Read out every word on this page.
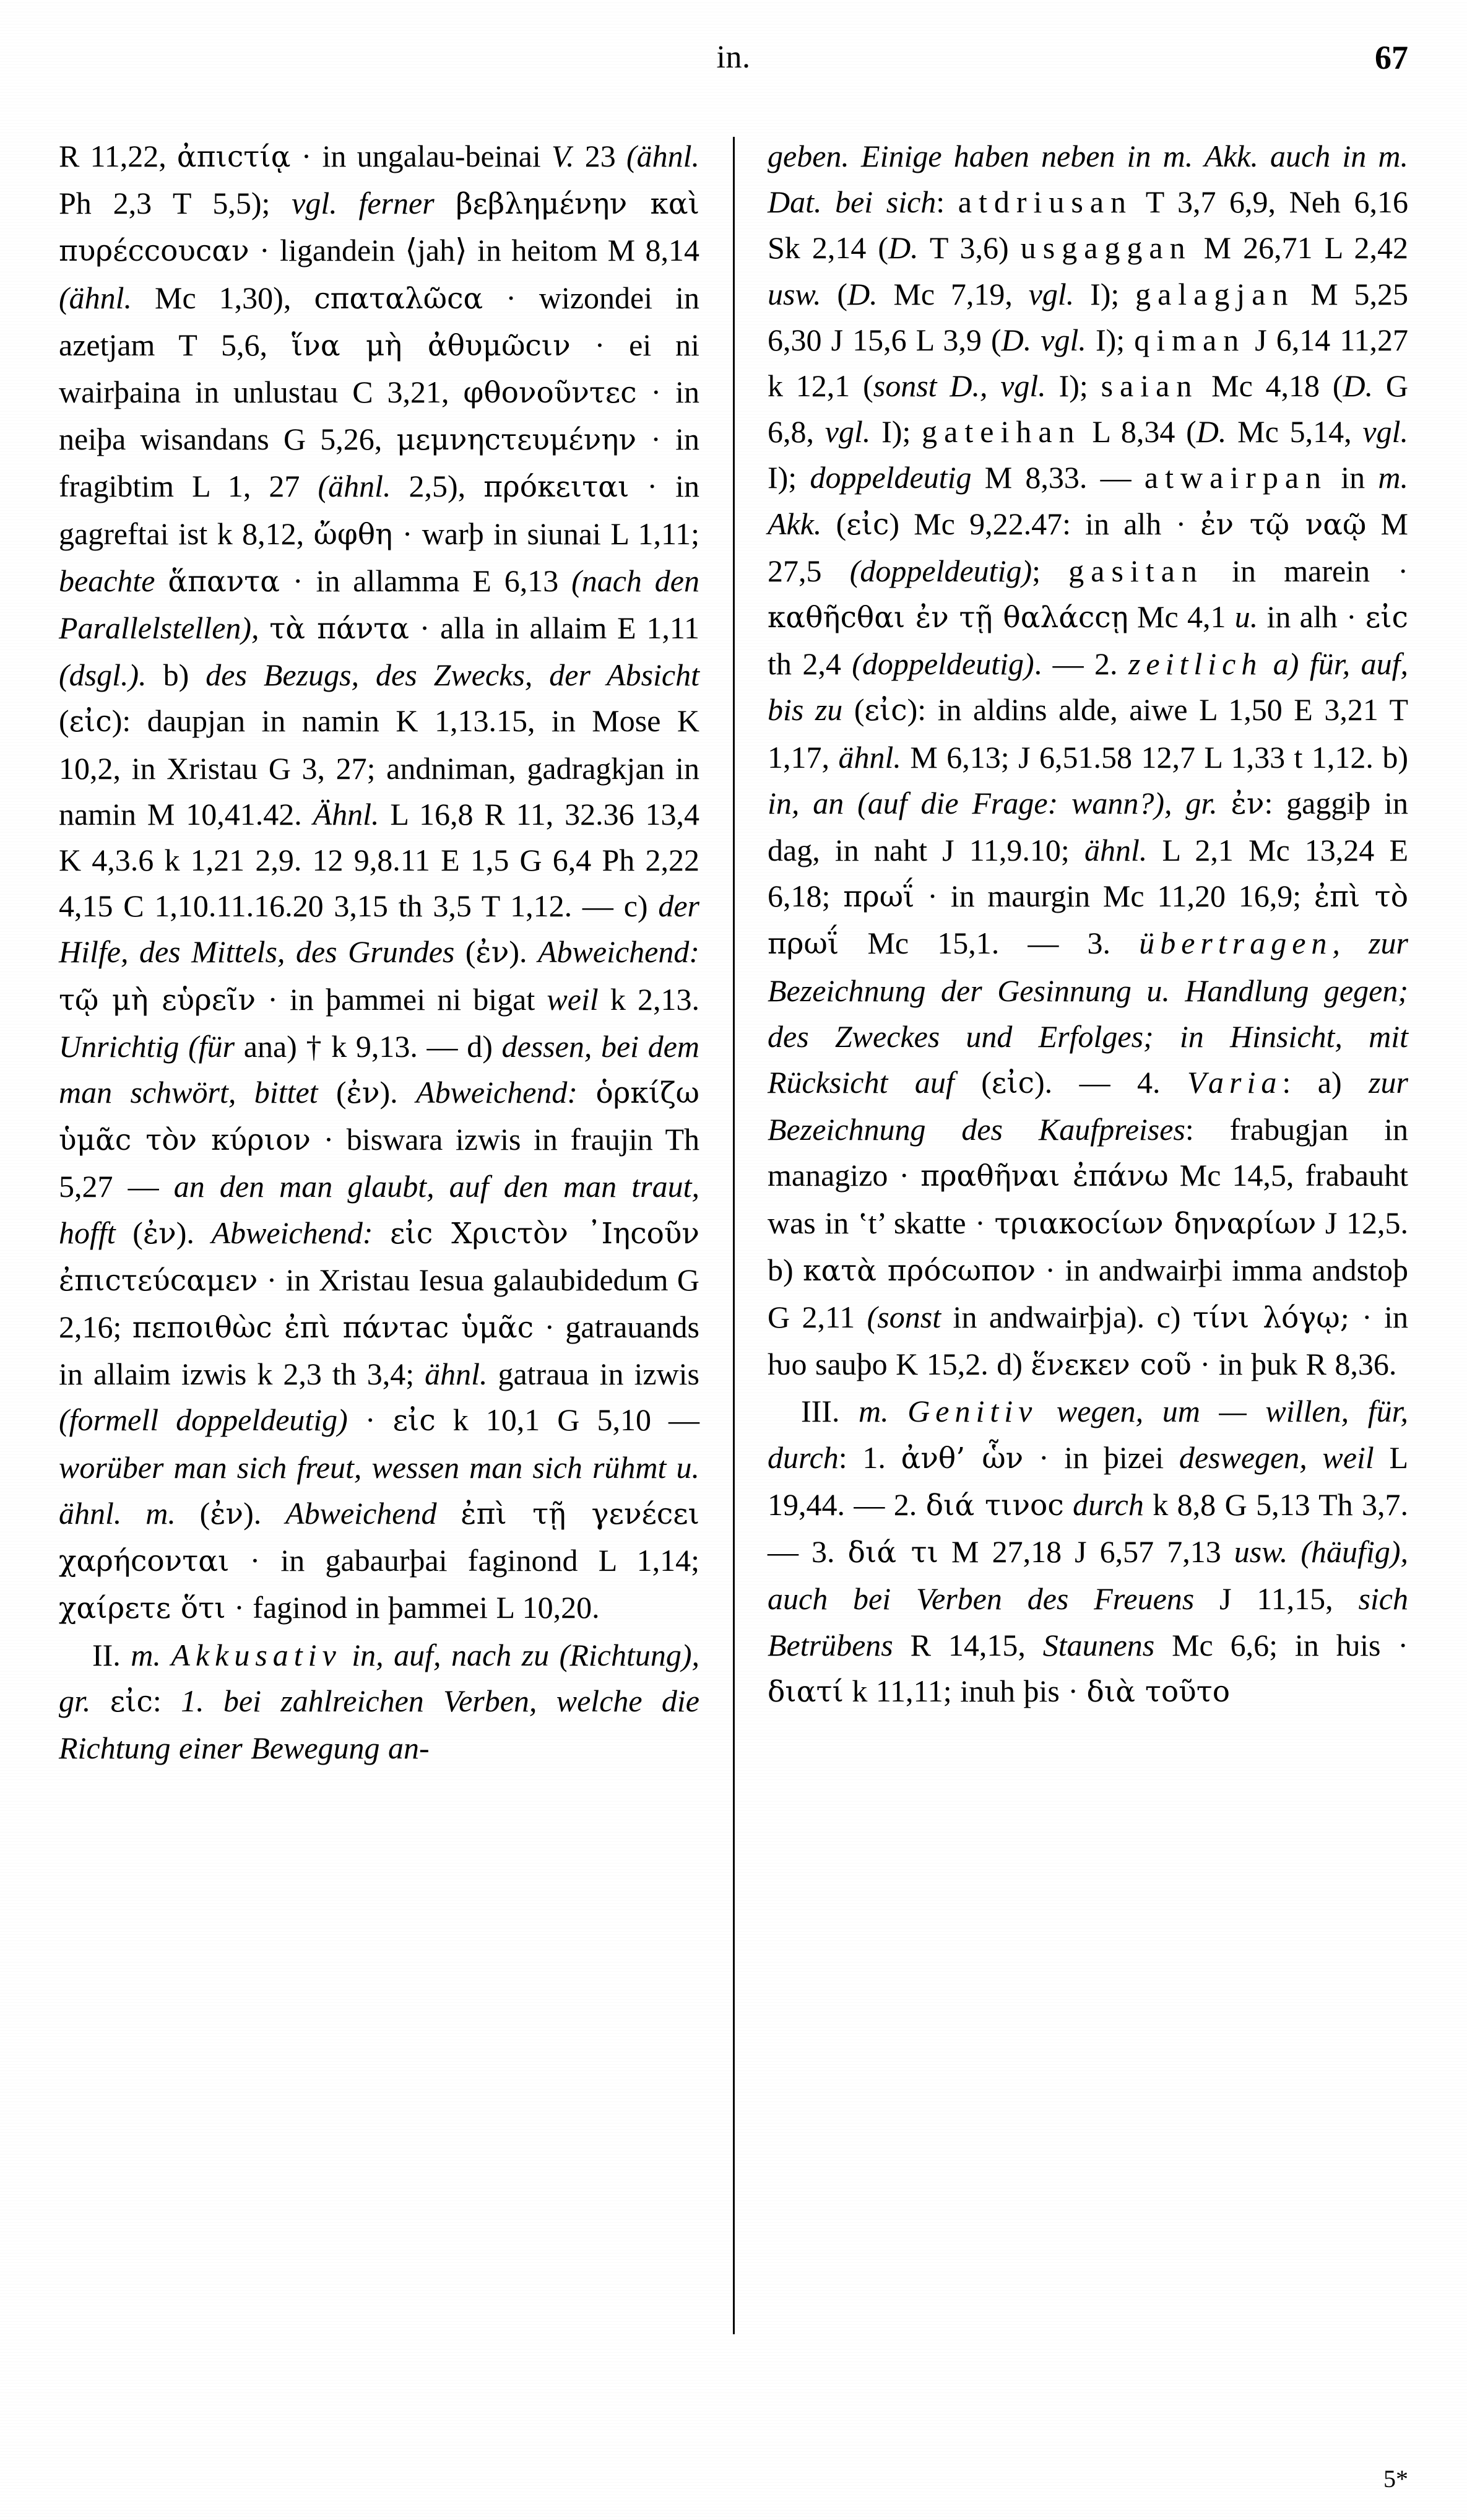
in.	67

R 11,22, ἀπιcτίᾳ · in ungalau-beinai V. 23 (ähnl. Ph 2,3 T 5,5); vgl. ferner βεβλημένην καὶ πυρέccoυcαν · ligandein ⟨jah⟩ in heitom M 8,14 (ähnl. Mc 1,30), cπαταλῶcα · wizondei in azetjam T 5,6, ἵνα μὴ ἀθυμῶcιν · ei ni wairþaina in unlustau C 3,21, φθονοῦντεc · in neiþa wisandans G 5,26, μεμνηcτευμένην · in fragibtim L 1, 27 (ähnl. 2,5), πρόκειται · in gagreftai ist k 8,12, ὤφθη · warþ in siunai L 1,11; beachte ἅπαντα · in allamma E 6,13 (nach den Parallelstellen), τὰ πάντα · alla in allaim E 1,11 (dsgl.). b) des Bezugs, des Zwecks, der Absicht (εἰc): daupjan in namin K 1,13.15, in Mose K 10,2, in Xristau G 3, 27; andniman, gadragkjan in namin M 10,41.42. Ähnl. L 16,8 R 11, 32.36 13,4 K 4,3.6 k 1,21 2,9. 12 9,8.11 E 1,5 G 6,4 Ph 2,22 4,15 C 1,10.11.16.20 3,15 th 3,5 T 1,12. — c) der Hilfe, des Mittels, des Grundes (ἐν). Abweichend: τῷ μὴ εὑρεῖν · in þammei ni bigat weil k 2,13. Unrichtig (für ana) † k 9,13. — d) dessen, bei dem man schwört, bittet (ἐν). Abweichend: ὁρκίζω ὑμᾶc τὸν κύριον · biswara izwis in fraujin Th 5,27 — an den man glaubt, auf den man traut, hofft (ἐν). Abweichend: εἰc Χριcτὸν ᾽Ιηcοῦν ἐπιcτεύcαμεν · in Xristau Iesua galaubidedum G 2,16; πεποιθὼc ἐπὶ πάντac ὑμᾶc · gatrauands in allaim izwis k 2,3 th 3,4; ähnl. gatraua in izwis (formell doppeldeutig) · εἰc k 10,1 G 5,10 — worüber man sich freut, wessen man sich rühmt u. ähnl. m. (ἐν). Abweichend ἐπὶ τῇ γενέcει χαρήcονται · in gabaurþai faginond L 1,14; χαίρετε ὅτι · faginod in þammei L 10,20.

II. m. Akkusativ in, auf, nach zu (Richtung), gr. εἰc: 1. bei zahlreichen Verben, welche die Richtung einer Bewegung an-

geben. Einige haben neben in m. Akk. auch in m. Dat. bei sich: atdriusan T 3,7 6,9, Neh 6,16 Sk 2,14 (D. T 3,6) usgaggan M 26,71 L 2,42 usw. (D. Mc 7,19, vgl. I); galagjan M 5,25 6,30 J 15,6 L 3,9 (D. vgl. I); qiman J 6,14 11,27 k 12,1 (sonst D., vgl. I); saian Mc 4,18 (D. G 6,8, vgl. I); gateihan L 8,34 (D. Mc 5,14, vgl. I); doppeldeutig M 8,33. — atwairpan in m. Akk. (εἰc) Mc 9,22.47: in alh · ἐν τῷ ναῷ M 27,5 (doppeldeutig); gasitan in marein · καθῆcθαι ἐν τῇ θαλάccῃ Mc 4,1 u. in alh · εἰc th 2,4 (doppeldeutig). — 2. zeitlich a) für, auf, bis zu (εἰc): in aldins alde, aiwe L 1,50 E 3,21 T 1,17, ähnl. M 6,13; J 6,51.58 12,7 L 1,33 t 1,12. b) in, an (auf die Frage: wann?), gr. ἐν: gaggiþ in dag, in naht J 11,9.10; ähnl. L 2,1 Mc 13,24 E 6,18; πρωΐ · in maurgin Mc 11,20 16,9; ἐπὶ τὸ πρωΐ Mc 15,1. — 3. übertragen, zur Bezeichnung der Gesinnung u. Handlung gegen; des Zweckes und Erfolges; in Hinsicht, mit Rücksicht auf (εἰc). — 4. Varia: a) zur Bezeichnung des Kaufpreises: frabugjan in managizo · πραθῆναι ἐπάνω Mc 14,5, frabauht was in ‛t’ skatte · τριακοcίων δηναρίων J 12,5. b) κατὰ πρόcωπον · in andwairþi imma andstoþ G 2,11 (sonst in andwairþja). c) τίνι λόγῳ; · in ƕo sauþo K 15,2. d) ἕνεκεν coῦ · in þuk R 8,36.

III. m. Genitiv wegen, um — willen, für, durch: 1. ἀνθ’ ὧν · in þizei deswegen, weil L 19,44. — 2. διά τινοc durch k 8,8 G 5,13 Th 3,7. — 3. διά τι M 27,18 J 6,57 7,13 usw. (häufig), auch bei Verben des Freuens J 11,15, sich Betrübens R 14,15, Staunens Mc 6,6; in ƕis · διατί k 11,11; inuh þis · διὰ τοῦτο

5*
